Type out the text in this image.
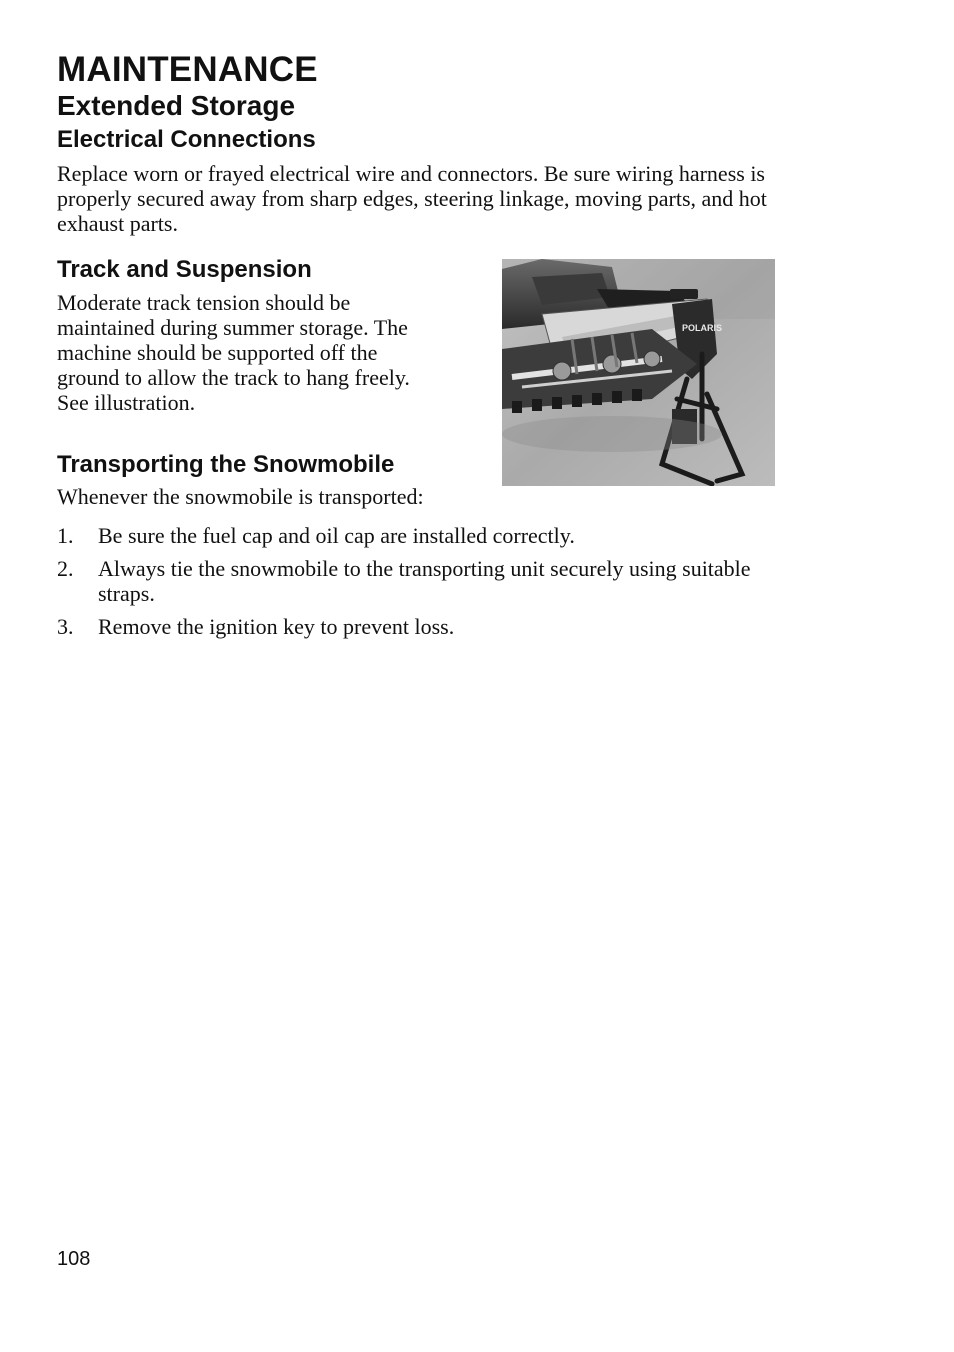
MAINTENANCE
Extended Storage
Electrical Connections

Replace worn or frayed electrical wire and connectors. Be sure wiring harness is properly secured away from sharp edges, steering linkage, moving parts, and hot exhaust parts.

Track and Suspension

Moderate track tension should be maintained during summer storage. The machine should be supported off the ground to allow the track to hang freely. See illustration.

POLARIS
Transporting the Snowmobile

Whenever the snowmobile is transported:

1.	Be sure the fuel cap and oil cap are installed correctly.
2.	Always tie the snowmobile to the transporting unit securely using suitable straps.
3.	Remove the ignition key to prevent loss.
108
